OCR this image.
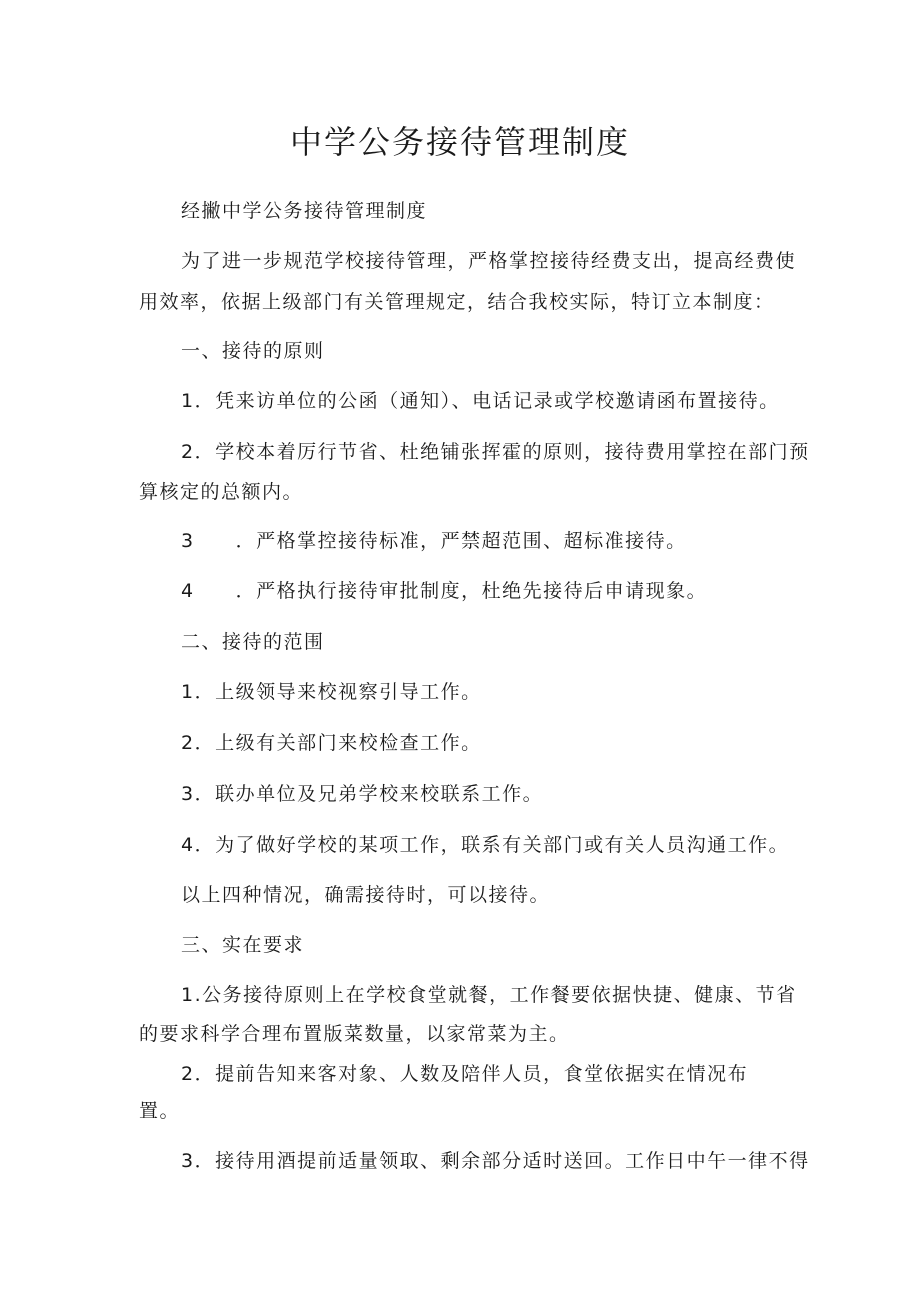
中学公务接待管理制度
经撇中学公务接待管理制度
为了进一步规范学校接待管理，严格掌控接待经费支出，提高经费使
用效率，依据上级部门有关管理规定，结合我校实际，特订立本制度：
一、接待的原则
1．凭来访单位的公函（通知）、电话记录或学校邀请函布置接待。
2．学校本着厉行节省、杜绝铺张挥霍的原则，接待费用掌控在部门预
算核定的总额内。
3　　．严格掌控接待标准，严禁超范围、超标准接待。
4　　．严格执行接待审批制度，杜绝先接待后申请现象。
二、接待的范围
1．上级领导来校视察引导工作。
2．上级有关部门来校检查工作。
3．联办单位及兄弟学校来校联系工作。
4．为了做好学校的某项工作，联系有关部门或有关人员沟通工作。
以上四种情况，确需接待时，可以接待。
三、实在要求
1.公务接待原则上在学校食堂就餐，工作餐要依据快捷、健康、节省
的要求科学合理布置版菜数量，以家常菜为主。
2．提前告知来客对象、人数及陪伴人员，食堂依据实在情况布
置。
3．接待用酒提前适量领取、剩余部分适时送回。工作日中午一律不得
